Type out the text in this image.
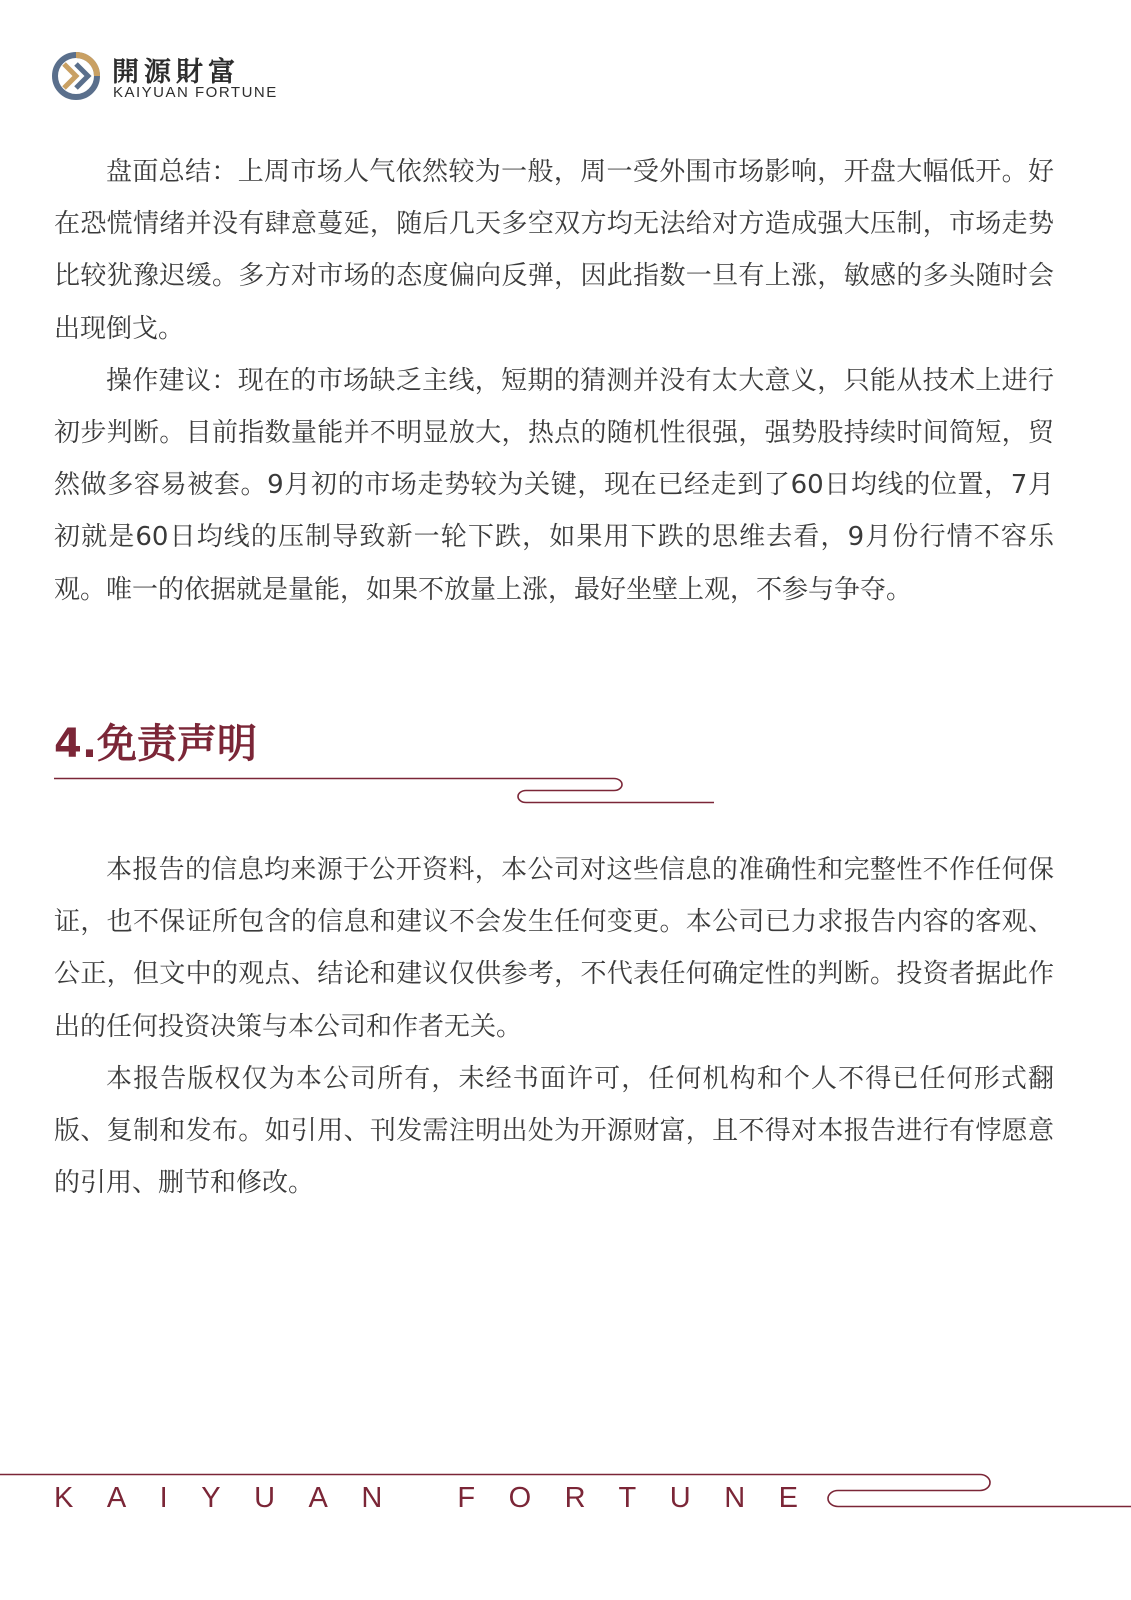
開源財富
KAIYUAN FORTUNE

盘面总结：上周市场人气依然较为一般，周一受外围市场影响，开盘大幅低开。好在恐慌情绪并没有肆意蔓延，随后几天多空双方均无法给对方造成强大压制，市场走势比较犹豫迟缓。多方对市场的态度偏向反弹，因此指数一旦有上涨，敏感的多头随时会出现倒戈。

操作建议：现在的市场缺乏主线，短期的猜测并没有太大意义，只能从技术上进行初步判断。目前指数量能并不明显放大，热点的随机性很强，强势股持续时间简短，贸然做多容易被套。9月初的市场走势较为关键，现在已经走到了60日均线的位置，7月初就是60日均线的压制导致新一轮下跌，如果用下跌的思维去看，9月份行情不容乐观。唯一的依据就是量能，如果不放量上涨，最好坐壁上观，不参与争夺。

4.免责声明

本报告的信息均来源于公开资料，本公司对这些信息的准确性和完整性不作任何保证，也不保证所包含的信息和建议不会发生任何变更。本公司已力求报告内容的客观、公正，但文中的观点、结论和建议仅供参考，不代表任何确定性的判断。投资者据此作出的任何投资决策与本公司和作者无关。

本报告版权仅为本公司所有，未经书面许可，任何机构和个人不得已任何形式翻版、复制和发布。如引用、刊发需注明出处为开源财富，且不得对本报告进行有悖愿意的引用、删节和修改。

KAIYUAN FORTUNE
